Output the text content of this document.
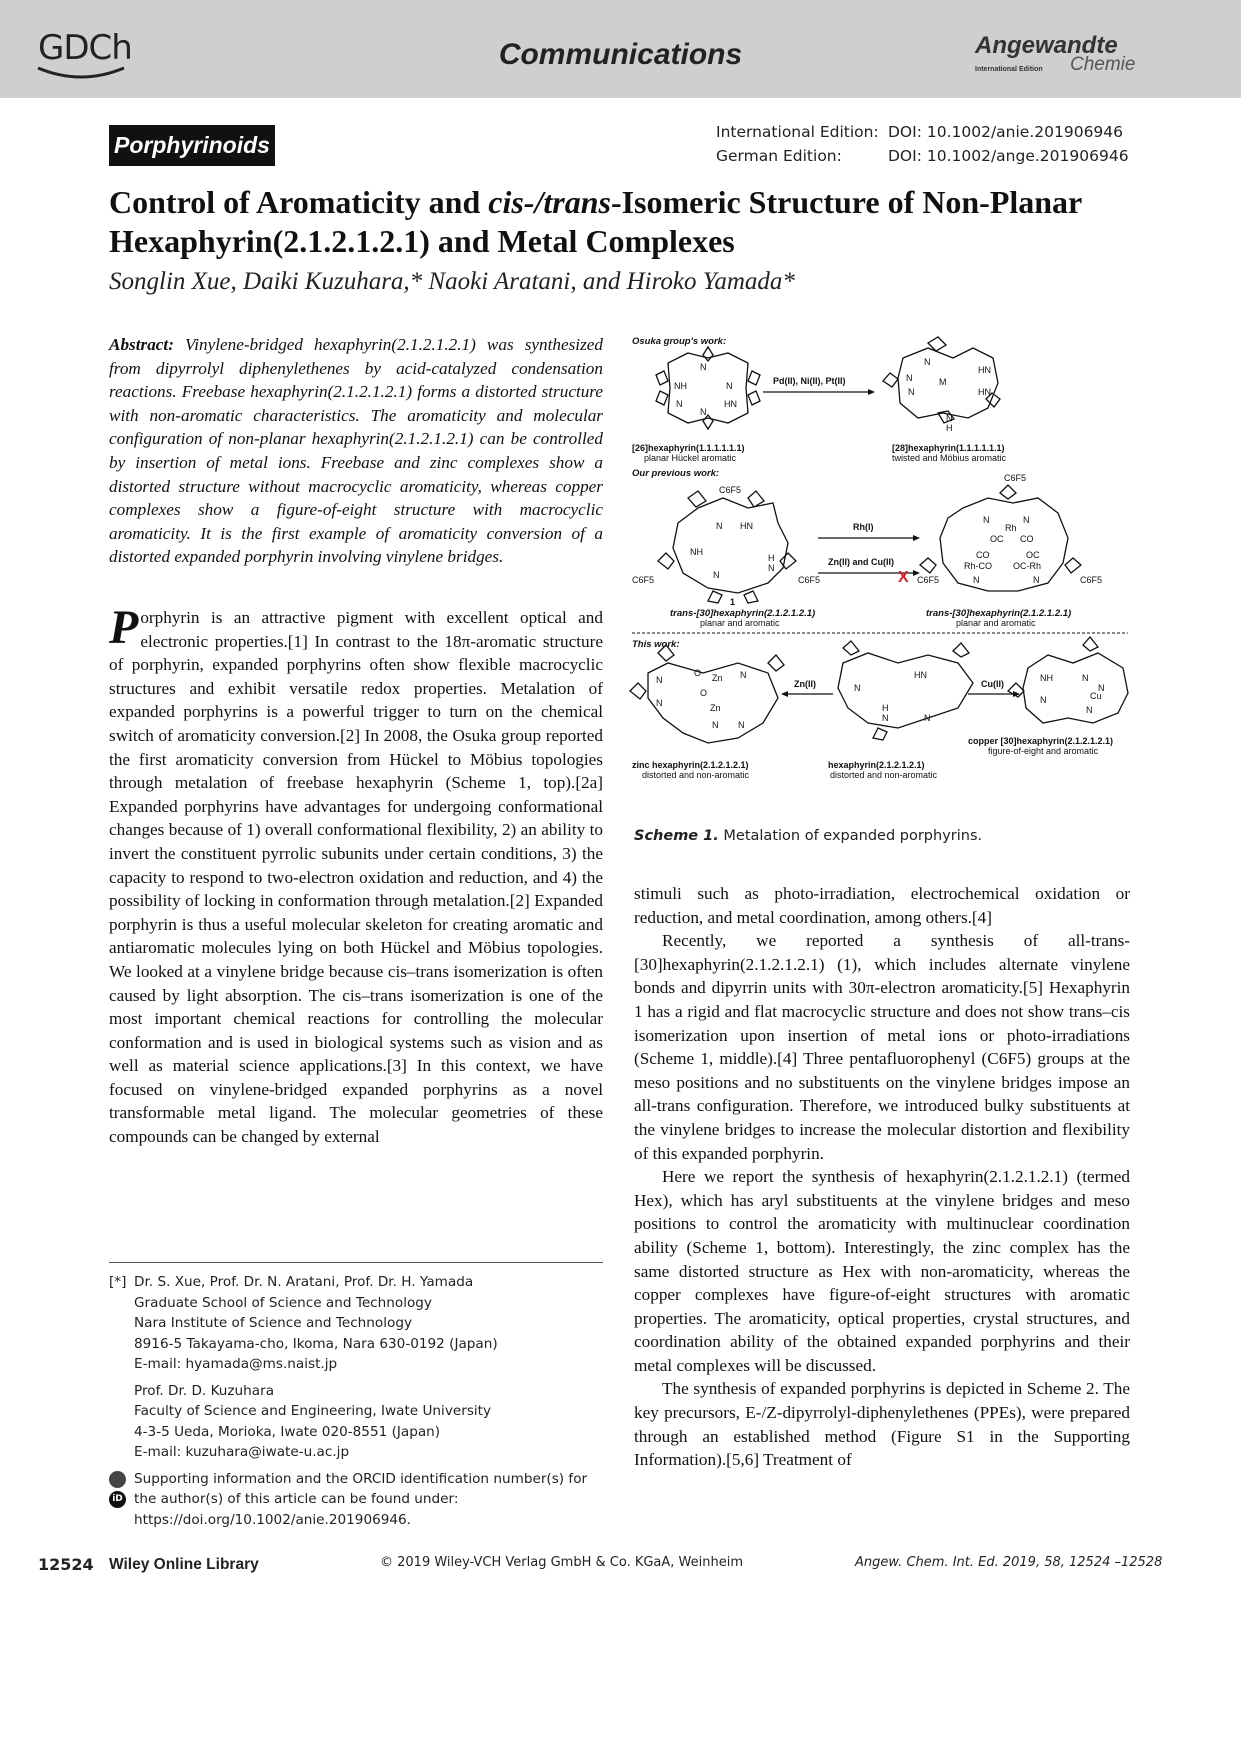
GDCh	Communications	Angewandte
International Edition Chemie
Porphyrinoids	International Edition: DOI: 10.1002/anie.201906946
German Edition:	DOI: 10.1002/ange.201906946
Control of Aromaticity and cis-/trans-Isomeric Structure of Non-Planar Hexaphyrin(2.1.2.1.2.1) and Metal Complexes
Songlin Xue, Daiki Kuzuhara,* Naoki Aratani, and Hiroko Yamada*
Abstract: Vinylene-bridged hexaphyrin(2.1.2.1.2.1) was synthesized from dipyrrolyl diphenylethenes by acid-catalyzed condensation reactions. Freebase hexaphyrin(2.1.2.1.2.1) forms a distorted structure with non-aromatic characteristics. The aromaticity and molecular configuration of non-planar hexaphyrin(2.1.2.1.2.1) can be controlled by insertion of metal ions. Freebase and zinc complexes show a distorted structure without macrocyclic aromaticity, whereas copper complexes show a figure-of-eight structure with macrocyclic aromaticity. It is the first example of aromaticity conversion of a distorted expanded porphyrin involving vinylene bridges.
Porphyrin is an attractive pigment with excellent optical and electronic properties.[1] In contrast to the 18π-aromatic structure of porphyrin, expanded porphyrins often show flexible macrocyclic structures and exhibit versatile redox properties. Metalation of expanded porphyrins is a powerful trigger to turn on the chemical switch of aromaticity conversion.[2] In 2008, the Osuka group reported the first aromaticity conversion from Hückel to Möbius topologies through metalation of freebase hexaphyrin (Scheme 1, top).[2a] Expanded porphyrins have advantages for undergoing conformational changes because of 1) overall conformational flexibility, 2) an ability to invert the constituent pyrrolic subunits under certain conditions, 3) the capacity to respond to two-electron oxidation and reduction, and 4) the possibility of locking in conformation through metalation.[2] Expanded porphyrin is thus a useful molecular skeleton for creating aromatic and antiaromatic molecules lying on both Hückel and Möbius topologies. We looked at a vinylene bridge because cis–trans isomerization is often caused by light absorption. The cis–trans isomerization is one of the most important chemical reactions for controlling the molecular conformation and is used in biological systems such as vision and as well as material science applications.[3] In this context, we have focused on vinylene-bridged expanded porphyrins as a novel transformable metal ligand. The molecular geometries of these compounds can be changed by external
[*] Dr. S. Xue, Prof. Dr. N. Aratani, Prof. Dr. H. Yamada
Graduate School of Science and Technology
Nara Institute of Science and Technology
8916-5 Takayama-cho, Ikoma, Nara 630-0192 (Japan)
E-mail: hyamada@ms.naist.jp
Prof. Dr. D. Kuzuhara
Faculty of Science and Engineering, Iwate University
4-3-5 Ueda, Morioka, Iwate 020-8551 (Japan)
E-mail: kuzuhara@iwate-u.ac.jp
iD
Supporting information and the ORCID identification number(s) for the author(s) of this article can be found under: https://doi.org/10.1002/anie.201906946.

stimuli such as photo-irradiation, electrochemical oxidation or reduction, and metal coordination, among others.[4]

Recently, we reported a synthesis of all-trans-[30]hexaphyrin(2.1.2.1.2.1) (1), which includes alternate vinylene bonds and dipyrrin units with 30π-electron aromaticity.[5] Hexaphyrin 1 has a rigid and flat macrocyclic structure and does not show trans–cis isomerization upon insertion of metal ions or photo-irradiations (Scheme 1, middle).[4] Three pentafluorophenyl (C6F5) groups at the meso positions and no substituents on the vinylene bridges impose an all-trans configuration. Therefore, we introduced bulky substituents at the vinylene bridges to increase the molecular distortion and flexibility of this expanded porphyrin.

Here we report the synthesis of hexaphyrin(2.1.2.1.2.1) (termed Hex), which has aryl substituents at the vinylene bridges and meso positions to control the aromaticity with multinuclear coordination ability (Scheme 1, bottom). Interestingly, the zinc complex has the same distorted structure as Hex with non-aromaticity, whereas the copper complexes have figure-of-eight structures with aromatic properties. The aromaticity, optical properties, crystal structures, and coordination ability of the obtained expanded porphyrins and their metal complexes will be discussed.

The synthesis of expanded porphyrins is depicted in Scheme 2. The key precursors, E-/Z-dipyrrolyl-diphenylethenes (PPEs), were prepared through an established method (Figure S1 in the Supporting Information).[5,6] Treatment of

Osuka group's work:
N
NH	N
N	HN
N
Pd(II), Ni(II), Pt(II)
N
N	M
N
HN
HN
N
H
[26]hexaphyrin(1.1.1.1.1.1)
planar Hückel aromatic
[28]hexaphyrin(1.1.1.1.1.1)
twisted and Möbius aromatic
Our previous work:
C6F5
N HN
NH
H
N
C6F5	C6F5
N
Rh(I)
Zn(II) and Cu(II)
X
C6F5
N	N
Rh
OC CO
CO	OC
Rh-CO OC-Rh
N	N
C6F5	C6F5
1
trans-[30]hexaphyrin(2.1.2.1.2.1)
planar and aromatic
trans-[30]hexaphyrin(2.1.2.1.2.1)
planar and aromatic
This work:
N
O Zn N
N
O
Zn
N N
Zn(II)
HN
N
H
N	N
Cu(II)
NH	N
N
Cu
N
N
zinc hexaphyrin(2.1.2.1.2.1)
distorted and non-aromatic
hexaphyrin(2.1.2.1.2.1)
distorted and non-aromatic
copper [30]hexaphyrin(2.1.2.1.2.1)
figure-of-eight and aromatic
Scheme 1. Metalation of expanded porphyrins.
12524 Wiley Online Library	© 2019 Wiley-VCH Verlag GmbH & Co. KGaA, Weinheim	Angew. Chem. Int. Ed. 2019, 58, 12524 –12528
